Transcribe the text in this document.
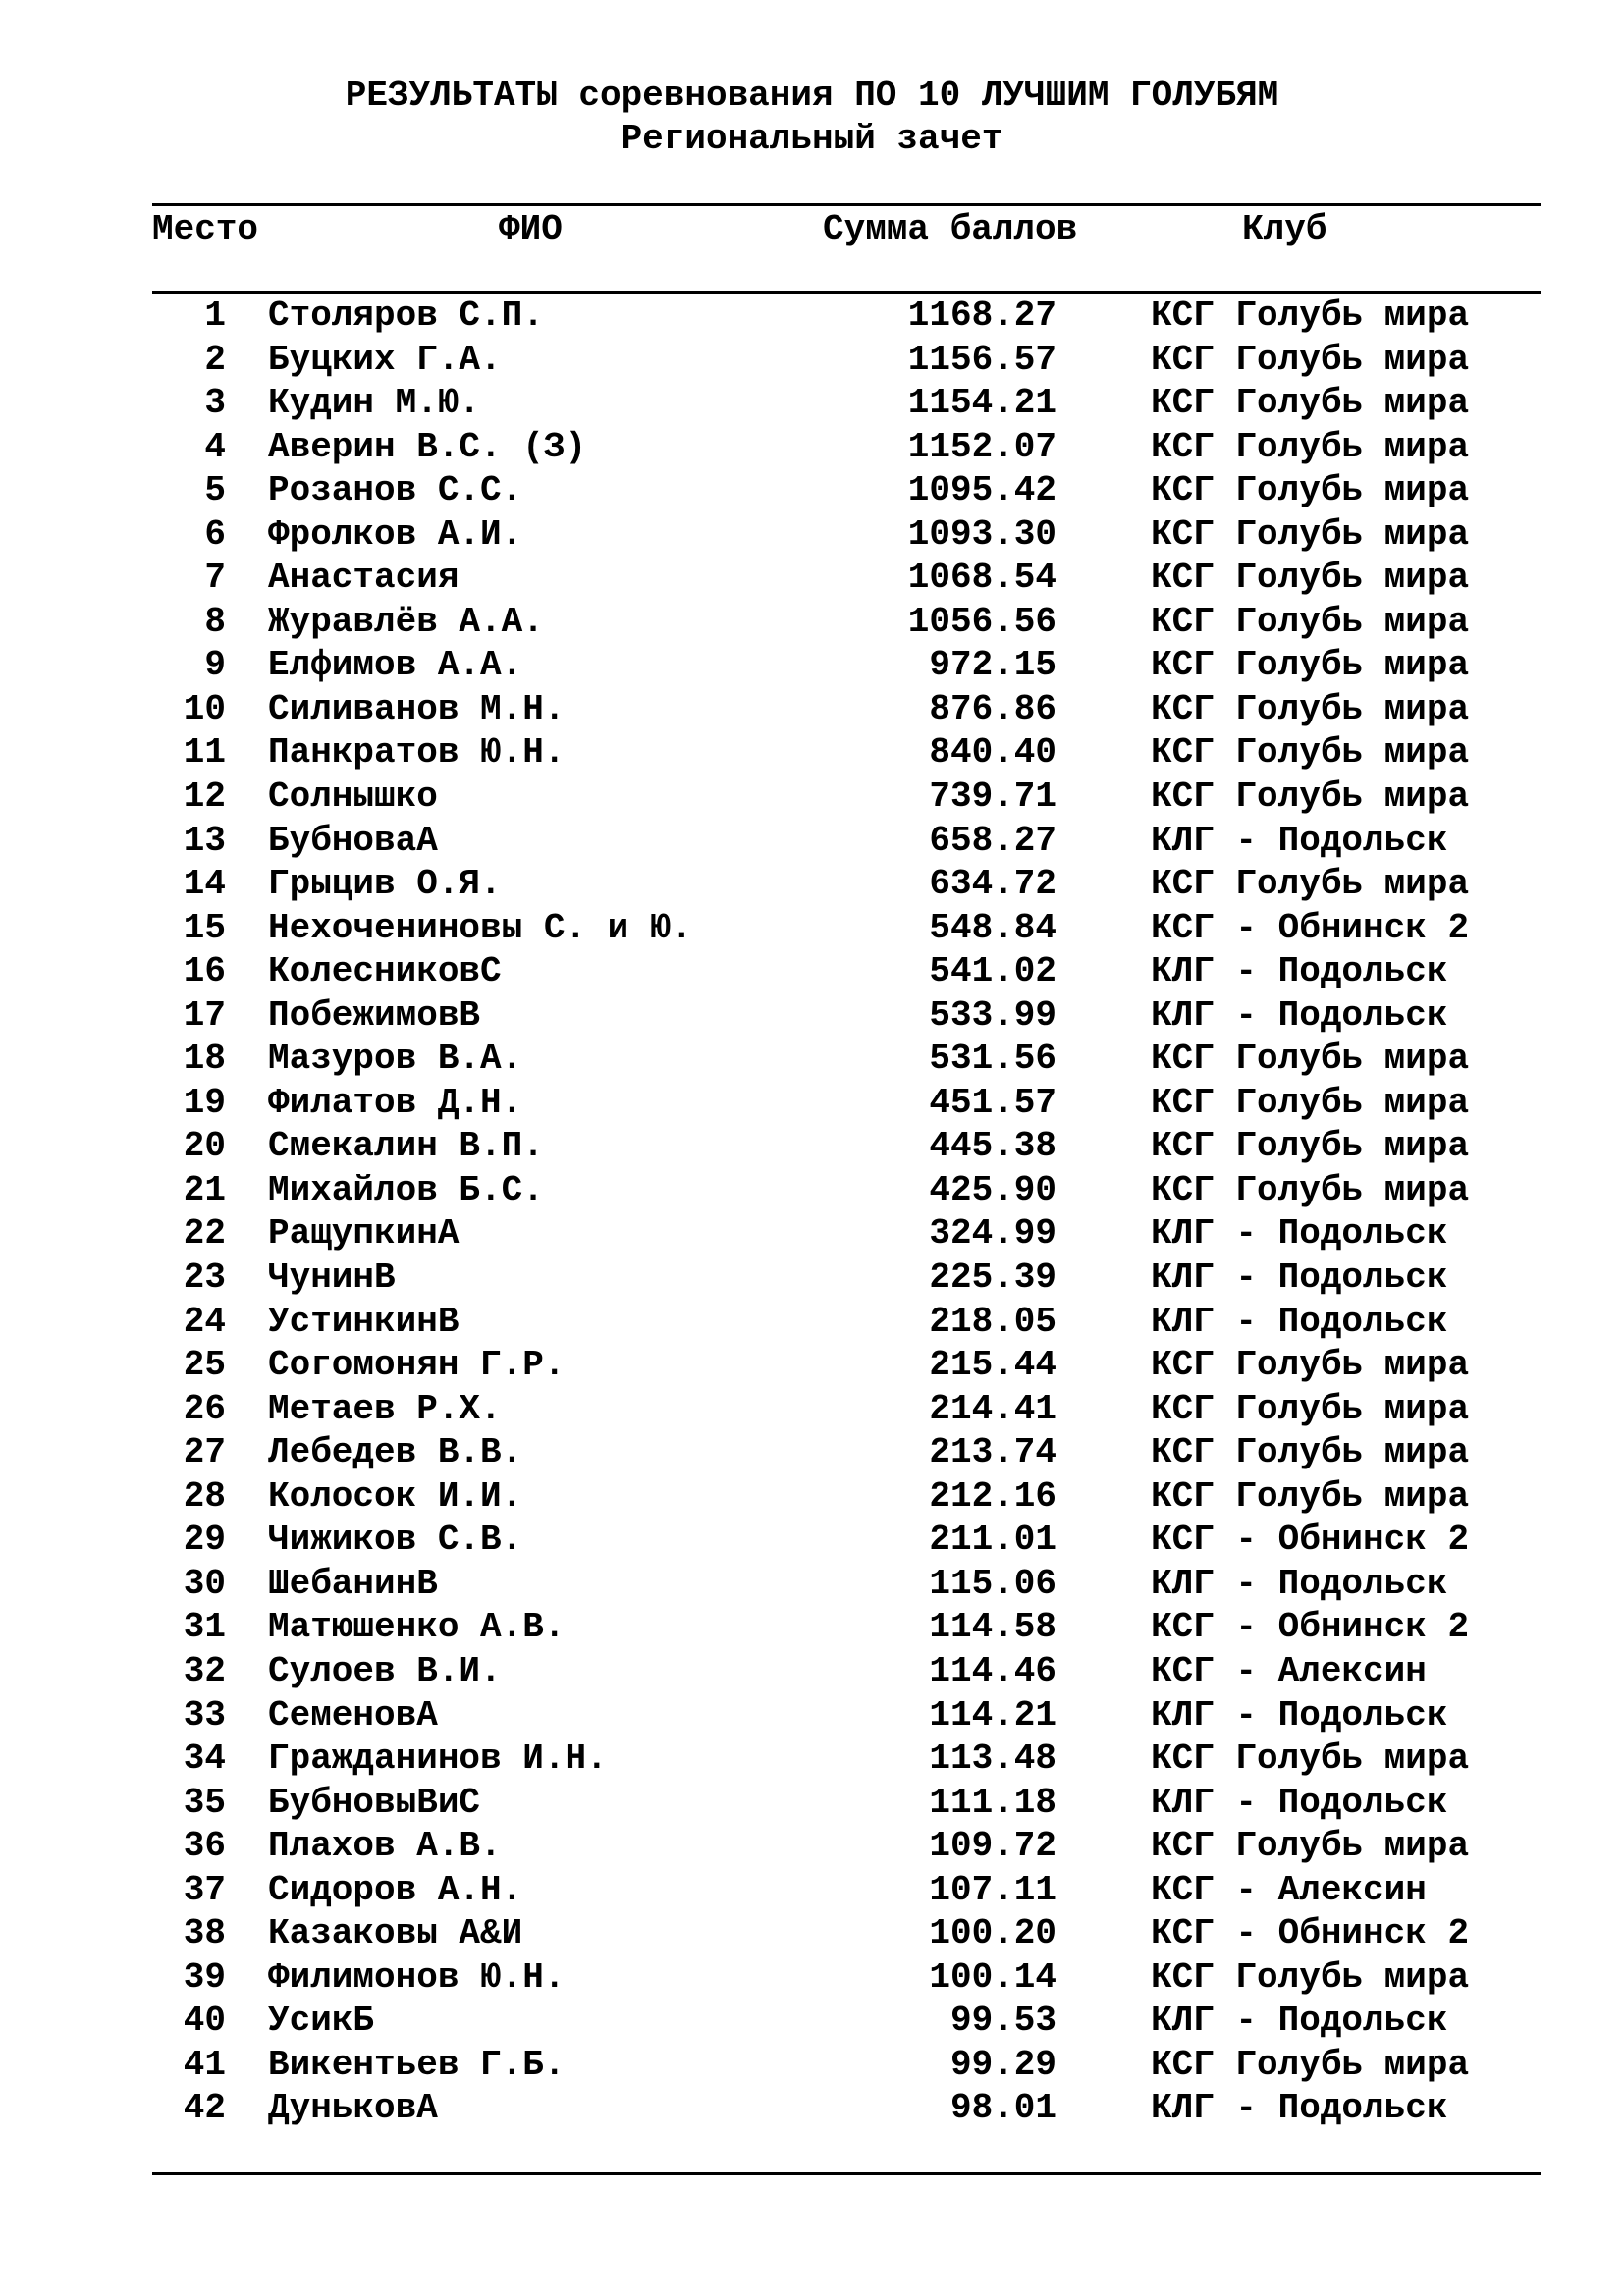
РЕЗУЛЬТАТЫ соревнования ПО 10 ЛУЧШИМ ГОЛУБЯМ
Региональный зачет
Место	ФИО	Сумма баллов	Клуб
1 Столяров С.П.	1168.27	КСГ Голубь мира
2 Буцких Г.А.	1156.57	КСГ Голубь мира
3 Кудин М.Ю.	1154.21	КСГ Голубь мира
4 Аверин В.С. (З)	1152.07	КСГ Голубь мира
5 Розанов С.С.	1095.42	КСГ Голубь мира
6 Фролков А.И.	1093.30	КСГ Голубь мира
7 Анастасия	1068.54	КСГ Голубь мира
8 Журавлёв А.А.	1056.56	КСГ Голубь мира
9 Елфимов А.А.	972.15	КСГ Голубь мира
10 Силиванов М.Н.	876.86	КСГ Голубь мира
11 Панкратов Ю.Н.	840.40	КСГ Голубь мира
12 Солнышко	739.71	КСГ Голубь мира
13 БубноваА	658.27	КЛГ - Подольск
14 Грыцив О.Я.	634.72	КСГ Голубь мира
15 Нехочениновы С. и Ю.	548.84	КСГ - Обнинск 2
16 КолесниковС	541.02	КЛГ - Подольск
17 ПобежимовВ	533.99	КЛГ - Подольск
18 Мазуров В.А.	531.56	КСГ Голубь мира
19 Филатов Д.Н.	451.57	КСГ Голубь мира
20 Смекалин В.П.	445.38	КСГ Голубь мира
21 Михайлов Б.С.	425.90	КСГ Голубь мира
22 РащупкинА	324.99	КЛГ - Подольск
23 ЧунинВ	225.39	КЛГ - Подольск
24 УстинкинВ	218.05	КЛГ - Подольск
25 Согомонян Г.Р.	215.44	КСГ Голубь мира
26 Метаев Р.Х.	214.41	КСГ Голубь мира
27 Лебедев В.В.	213.74	КСГ Голубь мира
28 Колосок И.И.	212.16	КСГ Голубь мира
29 Чижиков С.В.	211.01	КСГ - Обнинск 2
30 ШебанинВ	115.06	КЛГ - Подольск
31 Матюшенко А.В.	114.58	КСГ - Обнинск 2
32 Сулоев В.И.	114.46	КСГ - Алексин
33 СеменовА	114.21	КЛГ - Подольск
34 Гражданинов И.Н.	113.48	КСГ Голубь мира
35 БубновыВиС	111.18	КЛГ - Подольск
36 Плахов А.В.	109.72	КСГ Голубь мира
37 Сидоров А.Н.	107.11	КСГ - Алексин
38 Казаковы А&И	100.20	КСГ - Обнинск 2
39 Филимонов Ю.Н.	100.14	КСГ Голубь мира
40 УсикБ	99.53	КЛГ - Подольск
41 Викентьев Г.Б.	99.29	КСГ Голубь мира
42 ДуньковА	98.01	КЛГ - Подольск
